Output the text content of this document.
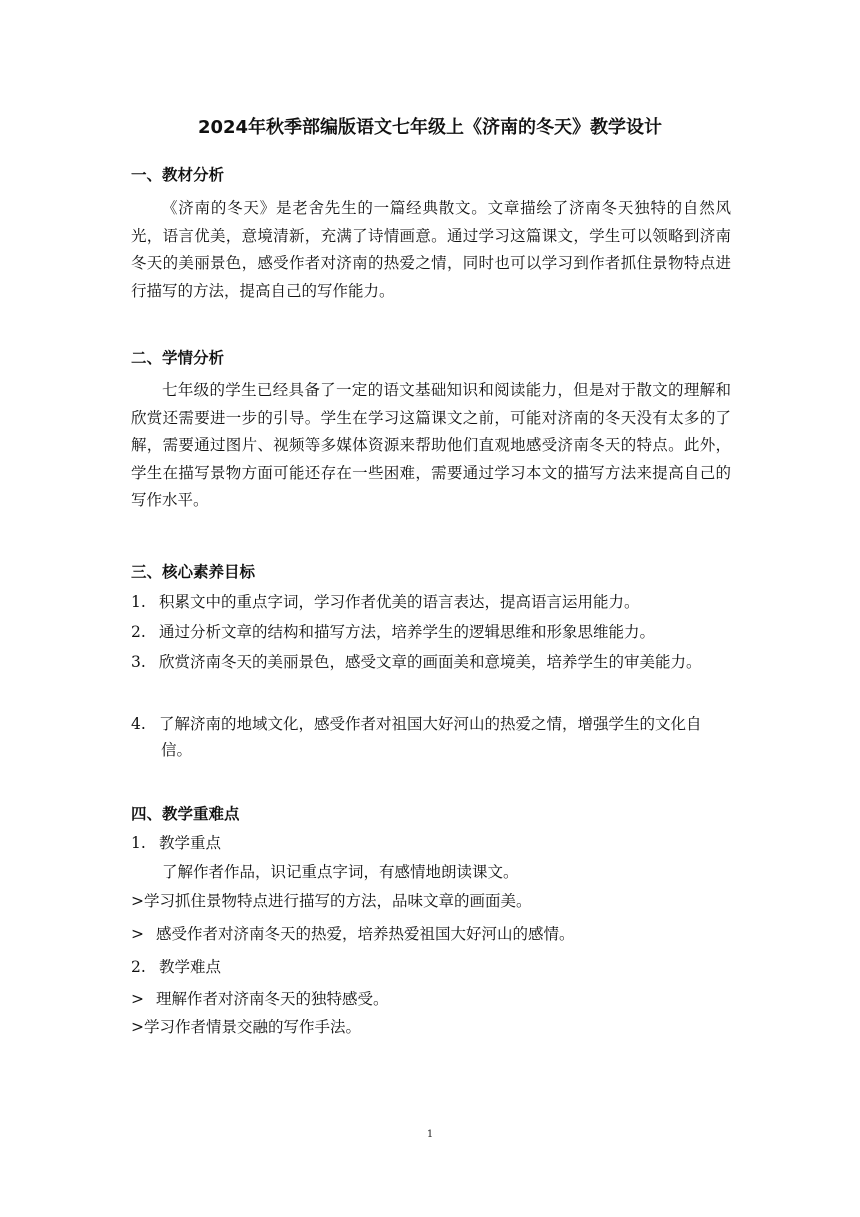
2024年秋季部编版语文七年级上《济南的冬天》教学设计
一、教材分析

《济南的冬天》是老舍先生的一篇经典散文。文章描绘了济南冬天独特的自然风光，语言优美，意境清新，充满了诗情画意。通过学习这篇课文，学生可以领略到济南冬天的美丽景色，感受作者对济南的热爱之情，同时也可以学习到作者抓住景物特点进行描写的方法，提高自己的写作能力。

二、学情分析

七年级的学生已经具备了一定的语文基础知识和阅读能力，但是对于散文的理解和欣赏还需要进一步的引导。学生在学习这篇课文之前，可能对济南的冬天没有太多的了解，需要通过图片、视频等多媒体资源来帮助他们直观地感受济南冬天的特点。此外，学生在描写景物方面可能还存在一些困难，需要通过学习本文的描写方法来提高自己的写作水平。

三、核心素养目标

1. 积累文中的重点字词，学习作者优美的语言表达，提高语言运用能力。

2. 通过分析文章的结构和描写方法，培养学生的逻辑思维和形象思维能力。

3. 欣赏济南冬天的美丽景色，感受文章的画面美和意境美，培养学生的审美能力。

4. 了解济南的地域文化，感受作者对祖国大好河山的热爱之情，增强学生的文化自信。

四、教学重难点

1. 教学重点

了解作者作品，识记重点字词，有感情地朗读课文。

>学习抓住景物特点进行描写的方法，品味文章的画面美。

> 感受作者对济南冬天的热爱，培养热爱祖国大好河山的感情。

2. 教学难点

> 理解作者对济南冬天的独特感受。

>学习作者情景交融的写作手法。

1
